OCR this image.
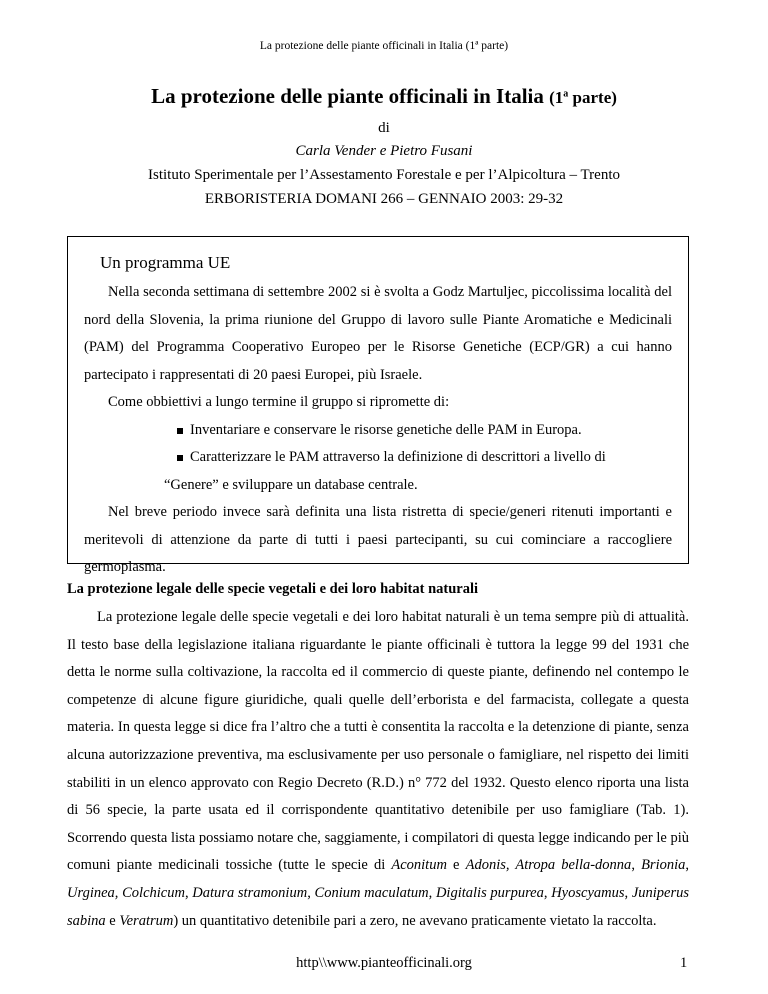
La protezione delle piante officinali in Italia (1ª parte)
La protezione delle piante officinali in Italia (1$^a$ parte)
di
Carla Vender e Pietro Fusani
Istituto Sperimentale per l’Assestamento Forestale e per l’Alpicoltura – Trento
ERBORISTERIA DOMANI 266 – GENNAIO 2003: 29-32
Un programma UE

Nella seconda settimana di settembre 2002 si è svolta a Godz Martuljec, piccolissima località del nord della Slovenia, la prima riunione del Gruppo di lavoro sulle Piante Aromatiche e Medicinali (PAM) del Programma Cooperativo Europeo per le Risorse Genetiche (ECP/GR) a cui hanno partecipato i rappresentati di 20 paesi Europei, più Israele.

Come obbiettivi a lungo termine il gruppo si ripromette di:

Inventariare e conservare le risorse genetiche delle PAM in Europa.
Caratterizzare le PAM attraverso la definizione di descrittori a livello di

“Genere” e sviluppare un database centrale.

Nel breve periodo invece sarà definita una lista ristretta di specie/generi ritenuti importanti e meritevoli di attenzione da parte di tutti i paesi partecipanti, su cui cominciare a raccogliere germoplasma.

La protezione legale delle specie vegetali e dei loro habitat naturali

La protezione legale delle specie vegetali e dei loro habitat naturali è un tema sempre più di attualità. Il testo base della legislazione italiana riguardante le piante officinali è tuttora la legge 99 del 1931 che detta le norme sulla coltivazione, la raccolta ed il commercio di queste piante, definendo nel contempo le competenze di alcune figure giuridiche, quali quelle dell’erborista e del farmacista, collegate a questa materia. In questa legge si dice fra l’altro che a tutti è consentita la raccolta e la detenzione di piante, senza alcuna autorizzazione preventiva, ma esclusivamente per uso personale o famigliare, nel rispetto dei limiti stabiliti in un elenco approvato con Regio Decreto (R.D.) n° 772 del 1932. Questo elenco riporta una lista di 56 specie, la parte usata ed il corrispondente quantitativo detenibile per uso famigliare (Tab. 1). Scorrendo questa lista possiamo notare che, saggiamente, i compilatori di questa legge indicando per le più comuni piante medicinali tossiche (tutte le specie di Aconitum e Adonis, Atropa bella-donna, Brionia, Urginea, Colchicum, Datura stramonium, Conium maculatum, Digitalis purpurea, Hyoscyamus, Juniperus sabina e Veratrum) un quantitativo detenibile pari a zero, ne avevano praticamente vietato la raccolta.

http\\www.pianteofficinali.org	1
